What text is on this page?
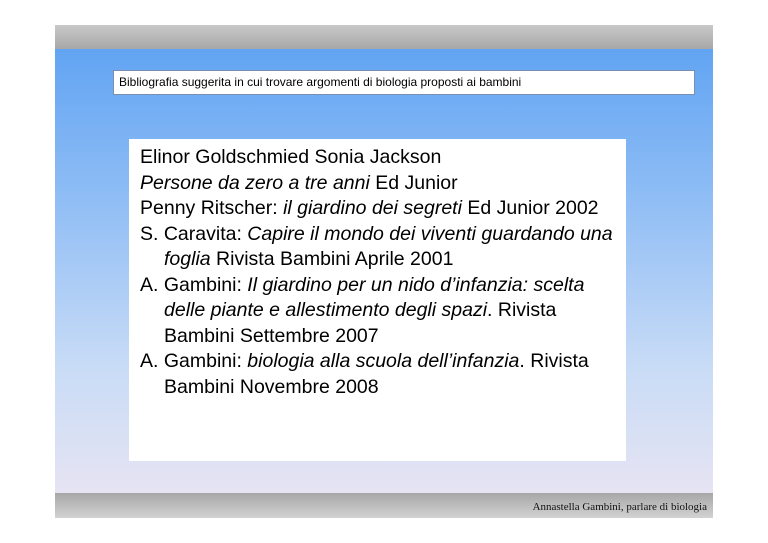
Bibliografia suggerita in cui trovare argomenti di biologia proposti ai bambini

Elinor Goldschmied Sonia Jackson

Persone da zero a tre anni Ed Junior

Penny Ritscher: il giardino dei segreti Ed Junior 2002

S. Caravita: Capire il mondo dei viventi guardando una foglia Rivista Bambini Aprile 2001

A. Gambini: Il giardino per un nido d’infanzia: scelta delle piante e allestimento degli spazi. Rivista Bambini Settembre 2007

A. Gambini: biologia alla scuola dell’infanzia. Rivista Bambini Novembre 2008

Annastella Gambini, parlare di biologia
